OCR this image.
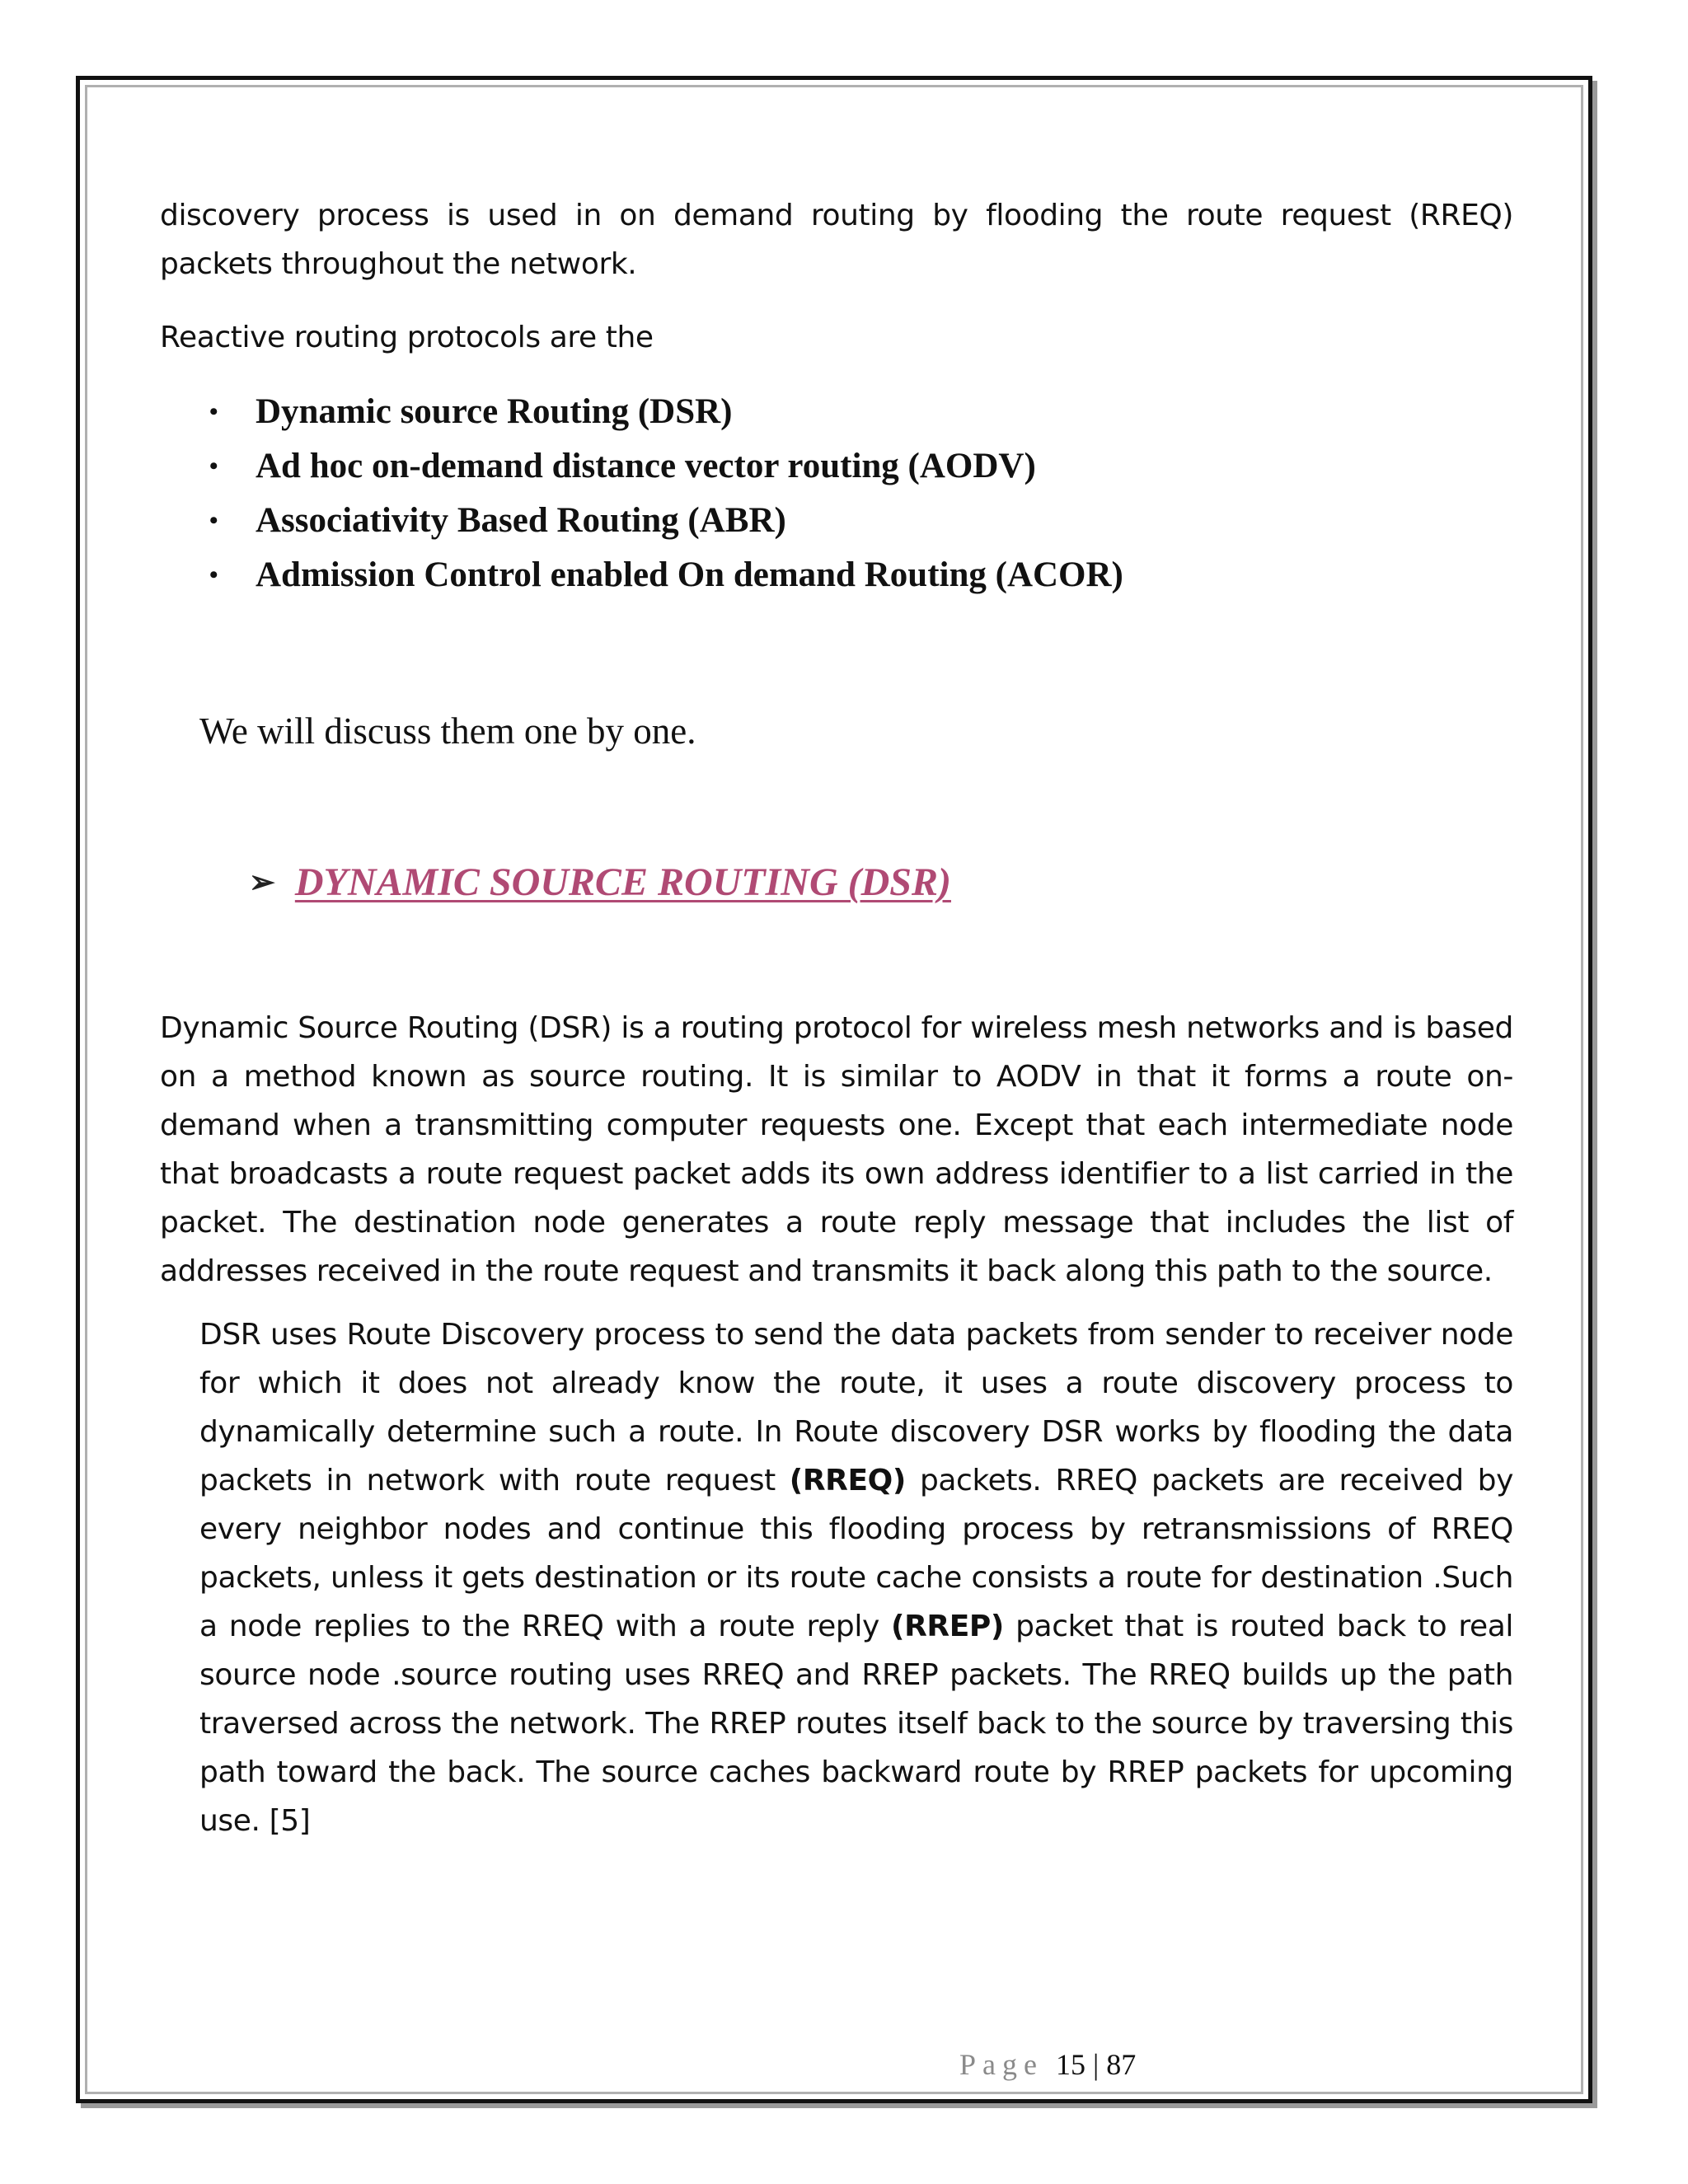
discovery process is used in on demand routing by flooding the route request (RREQ) packets throughout the network.

Reactive routing protocols are the

• Dynamic source Routing (DSR)
• Ad hoc on-demand distance vector routing (AODV)
• Associativity Based Routing (ABR)
• Admission Control enabled On demand Routing (ACOR)
We will discuss them one by one.
➢ DYNAMIC SOURCE ROUTING (DSR)

Dynamic Source Routing (DSR) is a routing protocol for wireless mesh networks and is based on a method known as source routing. It is similar to AODV in that it forms a route on-demand when a transmitting computer requests one. Except that each intermediate node that broadcasts a route request packet adds its own address identifier to a list carried in the packet. The destination node generates a route reply message that includes the list of addresses received in the route request and transmits it back along this path to the source.

DSR uses Route Discovery process to send the data packets from sender to receiver node for which it does not already know the route, it uses a route discovery process to dynamically determine such a route. In Route discovery DSR works by flooding the data packets in network with route request (RREQ) packets. RREQ packets are received by every neighbor nodes and continue this flooding process by retransmissions of RREQ packets, unless it gets destination or its route cache consists a route for destination .Such a node replies to the RREQ with a route reply (RREP) packet that is routed back to real source node .source routing uses RREQ and RREP packets. The RREQ builds up the path traversed across the network. The RREP routes itself back to the source by traversing this path toward the back. The source caches backward route by RREP packets for upcoming use. [5]

Page 15 | 87
